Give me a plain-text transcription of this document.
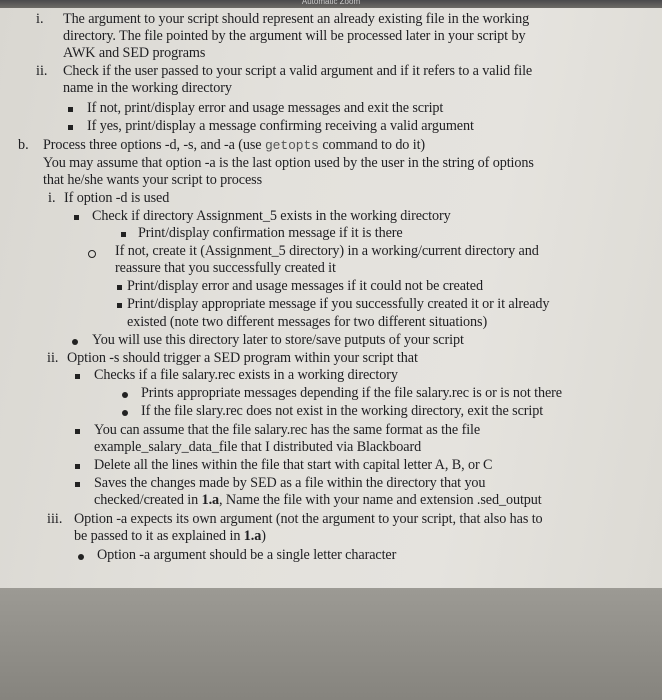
Automatic Zoom
i. The argument to your script should represent an already existing file in the working
directory. The file pointed by the argument will be processed later in your script by
AWK and SED programs
ii. Check if the user passed to your script a valid argument and if it refers to a valid file
name in the working directory
If not, print/display error and usage messages and exit the script
If yes, print/display a message confirming receiving a valid argument
b. Process three options -d, -s, and -a (use getopts command to do it)
You may assume that option -a is the last option used by the user in the string of options
that he/she wants your script to process
i. If option -d is used
Check if directory Assignment_5 exists in the working directory
Print/display confirmation message if it is there
If not, create it (Assignment_5 directory) in a working/current directory and
reassure that you successfully created it
Print/display error and usage messages if it could not be created
Print/display appropriate message if you successfully created it or it already
existed (note two different messages for two different situations)
You will use this directory later to store/save putputs of your script
ii. Option -s should trigger a SED program within your script that
Checks if a file salary.rec exists in a working directory
Prints appropriate messages depending if the file salary.rec is or is not there
If the file slary.rec does not exist in the working directory, exit the script
You can assume that the file salary.rec has the same format as the file
example_salary_data_file that I distributed via Blackboard
Delete all the lines within the file that start with capital letter A, B, or C
Saves the changes made by SED as a file within the directory that you
checked/created in 1.a, Name the file with your name and extension .sed_output
iii. Option -a expects its own argument (not the argument to your script, that also has to
be passed to it as explained in 1.a)
Option -a argument should be a single letter character
